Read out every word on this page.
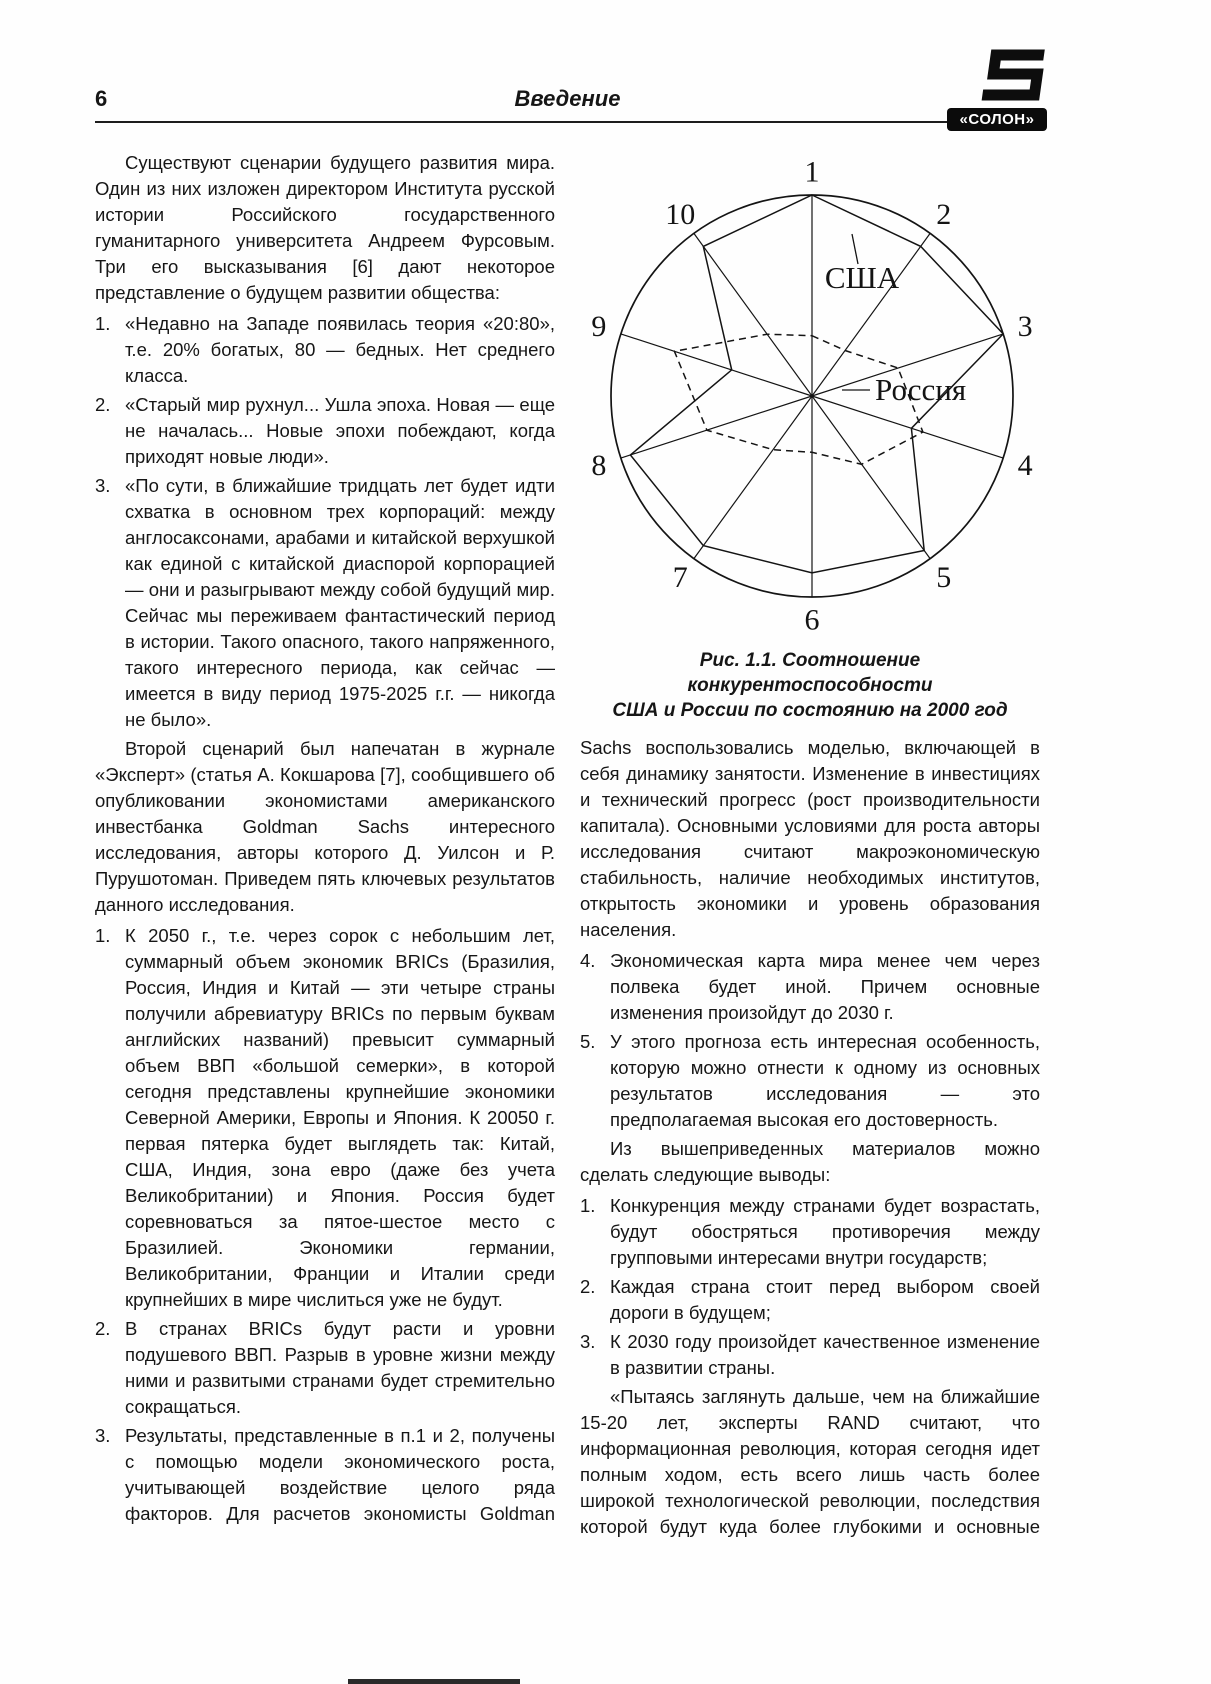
6	Введение
«СОЛОН»

Существуют сценарии будущего развития мира. Один из них изложен директором Института русской истории Российского государственного гуманитарного университета Андреем Фурсовым. Три его высказывания [6] дают некоторое представление о будущем развитии общества:

1. «Недавно на Западе появилась теория «20:80», т.е. 20% богатых, 80 — бедных. Нет среднего класса.
2. «Старый мир рухнул... Ушла эпоха. Новая — еще не началась... Новые эпохи побеждают, когда приходят новые люди».
3. «По сути, в ближайшие тридцать лет будет идти схватка в основном трех корпораций: между англосаксонами, арабами и китайской верхушкой как единой с китайской диаспорой корпорацией — они и разыгрывают между собой будущий мир. Сейчас мы переживаем фантастический период в истории. Такого опасного, такого напряженного, такого интересного периода, как сейчас — имеется в виду период 1975-2025 г.г. — никогда не было».

Второй сценарий был напечатан в журнале «Эксперт» (статья А. Кокшарова [7], сообщившего об опубликовании экономистами американского инвестбанка Goldman Sachs интересного исследования, авторы которого Д. Уилсон и Р. Пурушотоман. Приведем пять ключевых результатов данного исследования.

1. К 2050 г., т.е. через сорок с небольшим лет, суммарный объем экономик BRICs (Бразилия, Россия, Индия и Китай — эти четыре страны получили абревиатуру BRICs по первым буквам английских названий) превысит суммарный объем ВВП «большой семерки», в которой сегодня представлены крупнейшие экономики Северной Америки, Европы и Япония. К 20050 г. первая пятерка будет выглядеть так: Китай, США, Индия, зона евро (даже без учета Великобритании) и Япония. Россия будет соревноваться за пятое-шестое место с Бразилией. Экономики германии, Великобритании, Франции и Италии среди крупнейших в мире числиться уже не будут.
2. В странах BRICs будут расти и уровни подушевого ВВП. Разрыв в уровне жизни между ними и развитыми странами будет стремительно сокращаться.
3. Результаты, представленные в п.1 и 2, получены с помощью модели экономического роста, учитывающей воздействие целого ряда факторов. Для расчетов экономисты Goldman
1
2
3
4
5
6
7
8
9
10
США
Россия
Рис. 1.1. Соотношение конкурентоспособности
США и России по состоянию на 2000 год

Sachs воспользовались моделью, включающей в себя динамику занятости. Изменение в инвестициях и технический прогресс (рост производительности капитала). Основными условиями для роста авторы исследования считают макроэкономическую стабильность, наличие необходимых институтов, открытость экономики и уровень образования населения.

4. Экономическая карта мира менее чем через полвека будет иной. Причем основные изменения произойдут до 2030 г.
5. У этого прогноза есть интересная особенность, которую можно отнести к одному из основных результатов исследования — это предполагаемая высокая его достоверность.

Из вышеприведенных материалов можно сделать следующие выводы:

1. Конкуренция между странами будет возрастать, будут обостряться противоречия между групповыми интересами внутри государств;
2. Каждая страна стоит перед выбором своей дороги в будущем;
3. К 2030 году произойдет качественное изменение в развитии страны.

«Пытаясь заглянуть дальше, чем на ближайшие 15-20 лет, эксперты RAND считают, что информационная революция, которая сегодня идет полным ходом, есть всего лишь часть более широкой технологической революции, последствия которой будут куда более глубокими и основные
